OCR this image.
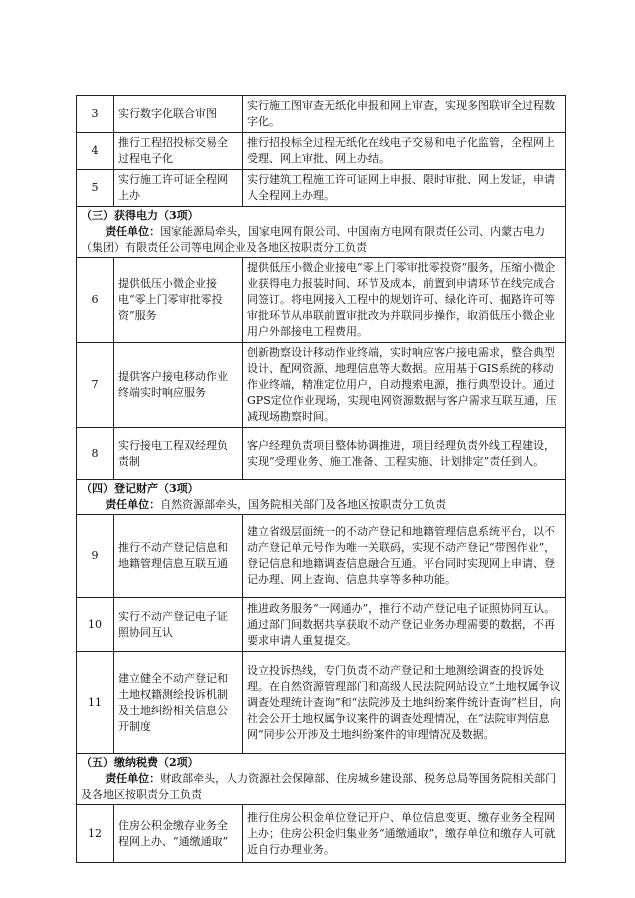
3	实行数字化联合审图	实行施工图审查无纸化申报和网上审查，实现多图联审全过程数字化。
4	推行工程招投标交易全过程电子化	推行招投标全过程无纸化在线电子交易和电子化监管，全程网上受理、网上审批、网上办结。
5	实行施工许可证全程网上办	实行建筑工程施工许可证网上申报、限时审批、网上发证，申请人全程网上办理。

（三）获得电力（3项）
责任单位：国家能源局牵头，国家电网有限公司、中国南方电网有限责任公司、内蒙古电力（集团）有限责任公司等电网企业及各地区按职责分工负责		

6	提供低压小微企业接电“零上门零审批零投资”服务	提供低压小微企业接电“零上门零审批零投资”服务，压缩小微企业获得电力报装时间、环节及成本，前置到申请环节在线完成合同签订。将电网接入工程中的规划许可、绿化许可、掘路许可等审批环节从串联前置审批改为并联同步操作，取消低压小微企业用户外部接电工程费用。
7	提供客户接电移动作业终端实时响应服务	创新勘察设计移动作业终端，实时响应客户接电需求，整合典型设计、配网资源、地理信息等大数据。应用基于GIS系统的移动作业终端，精准定位用户，自动搜索电源，推行典型设计。通过GPS定位作业现场，实现电网资源数据与客户需求互联互通，压减现场勘察时间。
8	实行接电工程双经理负责制	客户经理负责项目整体协调推进，项目经理负责外线工程建设，实现“受理业务、施工准备、工程实施、计划排定”责任到人。

（四）登记财产（3项）
责任单位：自然资源部牵头，国务院相关部门及各地区按职责分工负责		

9	推行不动产登记信息和地籍管理信息互联互通	建立省级层面统一的不动产登记和地籍管理信息系统平台，以不动产登记单元号作为唯一关联码，实现不动产登记“带图作业”，登记信息和地籍调查信息融合互通。平台同时实现网上申请、登记办理、网上查询、信息共享等多种功能。
10	实行不动产登记电子证照协同互认	推进政务服务“一网通办”，推行不动产登记电子证照协同互认。通过部门间数据共享获取不动产登记业务办理需要的数据，不再要求申请人重复提交。
11	建立健全不动产登记和土地权籍测绘投诉机制及土地纠纷相关信息公开制度	设立投诉热线，专门负责不动产登记和土地测绘调查的投诉处理。在自然资源管理部门和高级人民法院网站设立“土地权属争议调查处理统计查询”和“法院涉及土地纠纷案件统计查询”栏目，向社会公开土地权属争议案件的调查处理情况，在“法院审判信息网”同步公开涉及土地纠纷案件的审理情况及数据。

（五）缴纳税费（2项）
责任单位：财政部牵头，人力资源社会保障部、住房城乡建设部、税务总局等国务院相关部门及各地区按职责分工负责		

12	住房公积金缴存业务全程网上办、“通缴通取”	推行住房公积金单位登记开户、单位信息变更、缴存业务全程网上办；住房公积金归集业务“通缴通取”，缴存单位和缴存人可就近自行办理业务。
